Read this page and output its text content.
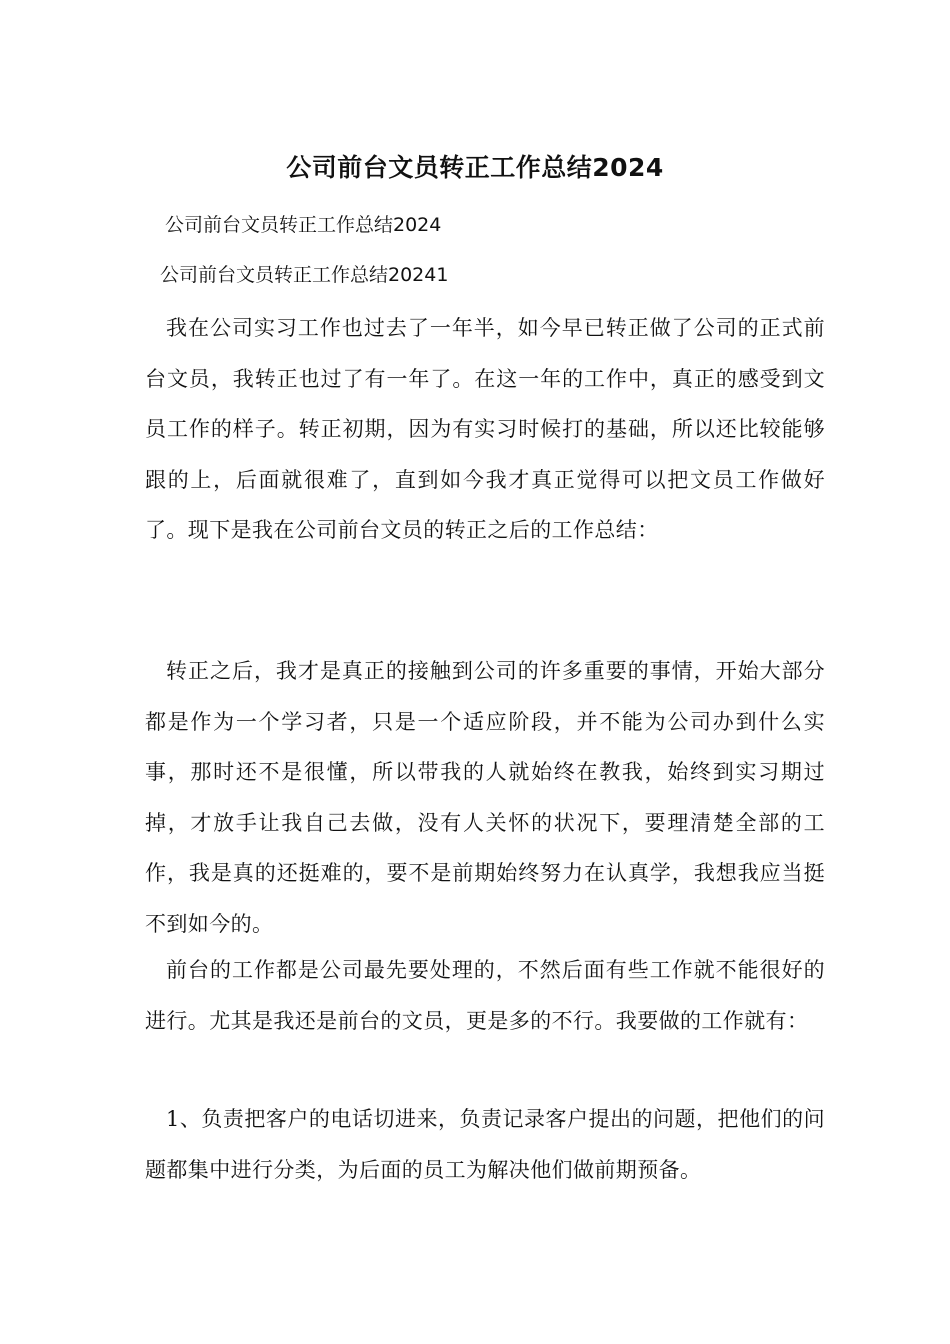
公司前台文员转正工作总结2024
公司前台文员转正工作总结2024
公司前台文员转正工作总结20241

我在公司实习工作也过去了一年半，如今早已转正做了公司的正式前台文员，我转正也过了有一年了。在这一年的工作中，真正的感受到文员工作的样子。转正初期，因为有实习时候打的基础，所以还比较能够跟的上，后面就很难了，直到如今我才真正觉得可以把文员工作做好了。现下是我在公司前台文员的转正之后的工作总结：

转正之后，我才是真正的接触到公司的许多重要的事情，开始大部分都是作为一个学习者，只是一个适应阶段，并不能为公司办到什么实事，那时还不是很懂，所以带我的人就始终在教我，始终到实习期过掉，才放手让我自己去做，没有人关怀的状况下，要理清楚全部的工作，我是真的还挺难的，要不是前期始终努力在认真学，我想我应当挺不到如今的。

前台的工作都是公司最先要处理的，不然后面有些工作就不能很好的进行。尤其是我还是前台的文员，更是多的不行。我要做的工作就有：

1、负责把客户的电话切进来，负责记录客户提出的问题，把他们的问题都集中进行分类，为后面的员工为解决他们做前期预备。
